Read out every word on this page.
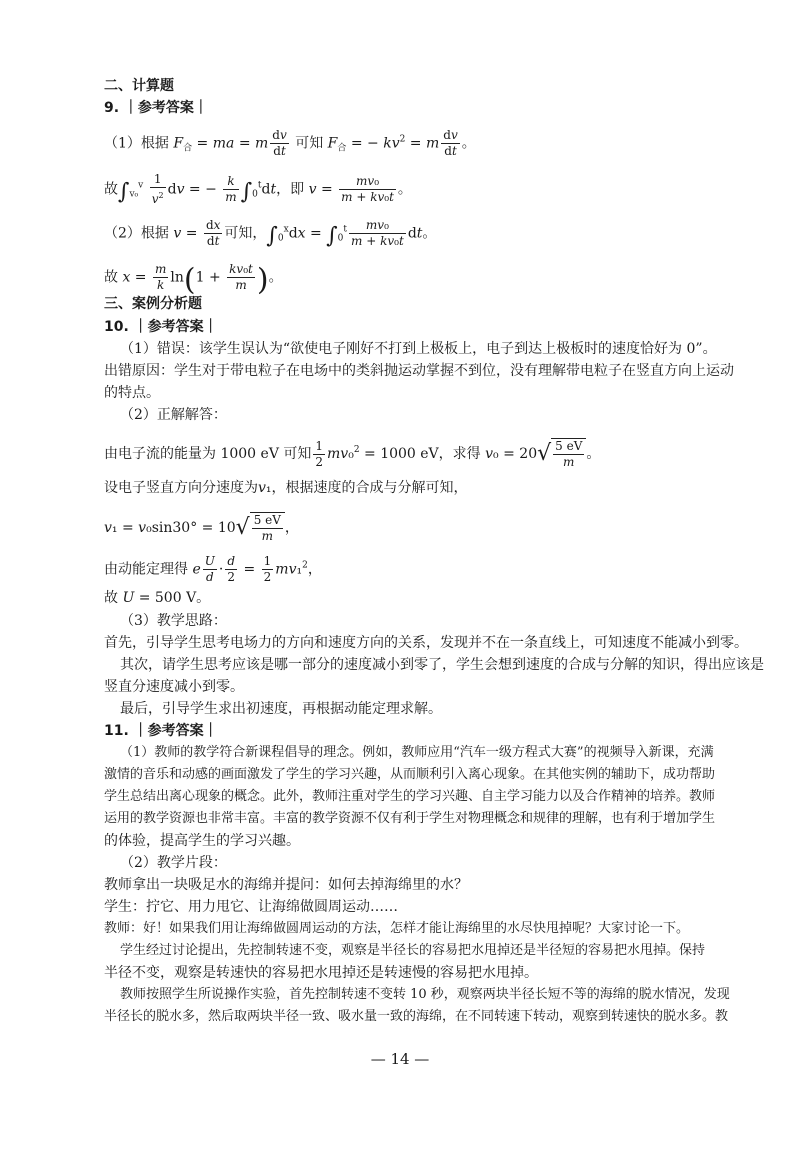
二、计算题
9. ｜参考答案｜
（1）根据 $F_合$ = ma = m $\frac{dv}{dt}$ 可知 $F_合$ = − $kv^2 = m \frac{dv}{dt}$ 。
故$\int_{v_0}^v \frac{1}{v^2}$ dv = − $\frac{k}{m} \int_0^tdt$，即 $v = \frac{\text{mv₀}}{\text{m + kv₀t}}$ 。
（2）根据 $v = \frac{dx}{dt}$ 可知，$\int_0^xdx = \int_0^t \frac{\text{mv₀}}{\text{m + kv₀t}}$ dt。
故 $x = \frac{m}{k} \ln(1 + \frac{\text{kv₀t}}{m}$ )。
三、案例分析题
10. ｜参考答案｜
（1）错误：该学生误认为“欲使电子刚好不打到上极板上，电子到达上极板时的速度恰好为 0”。
出错原因：学生对于带电粒子在电场中的类斜抛运动掌握不到位，没有理解带电粒子在竖直方向上运动
的特点。
（2）正解解答：
由电子流的能量为 1000 eV 可知 $\frac{1}{2} mv_0^2 = 1000$ eV，求得 $v_0 = 20√ \frac{5 eV}{m}$ 。
设电子竖直方向分速度为v₁，根据速度的合成与分解可知，
$v_1 = v_0\sin 30^\circ = 10√ \frac{5 eV}{m}$ ，
由动能定理得 e $\frac{U}{d} \cdot \frac{d}{2} = \frac{1}{2} mv_1^2$，
故 U = 500 V。
（3）教学思路：
首先，引导学生思考电场力的方向和速度方向的关系，发现并不在一条直线上，可知速度不能减小到零。
其次，请学生思考应该是哪一部分的速度减小到零了，学生会想到速度的合成与分解的知识，得出应该是
竖直分速度减小到零。
最后，引导学生求出初速度，再根据动能定理求解。
11. ｜参考答案｜
（1）教师的教学符合新课程倡导的理念。例如，教师应用“汽车一级方程式大赛”的视频导入新课，充满
激情的音乐和动感的画面激发了学生的学习兴趣，从而顺利引入离心现象。在其他实例的辅助下，成功帮助
学生总结出离心现象的概念。此外，教师注重对学生的学习兴趣、自主学习能力以及合作精神的培养。教师
运用的教学资源也非常丰富。丰富的教学资源不仅有利于学生对物理概念和规律的理解，也有利于增加学生
的体验，提高学生的学习兴趣。
（2）教学片段：
教师拿出一块吸足水的海绵并提问：如何去掉海绵里的水？
学生：拧它、用力甩它、让海绵做圆周运动……
教师：好！如果我们用让海绵做圆周运动的方法，怎样才能让海绵里的水尽快甩掉呢？大家讨论一下。
学生经过讨论提出，先控制转速不变，观察是半径长的容易把水甩掉还是半径短的容易把水甩掉。保持
半径不变，观察是转速快的容易把水甩掉还是转速慢的容易把水甩掉。
教师按照学生所说操作实验，首先控制转速不变转 10 秒，观察两块半径长短不等的海绵的脱水情况，发现
半径长的脱水多，然后取两块半径一致、吸水量一致的海绵，在不同转速下转动，观察到转速快的脱水多。教
— 14 —
